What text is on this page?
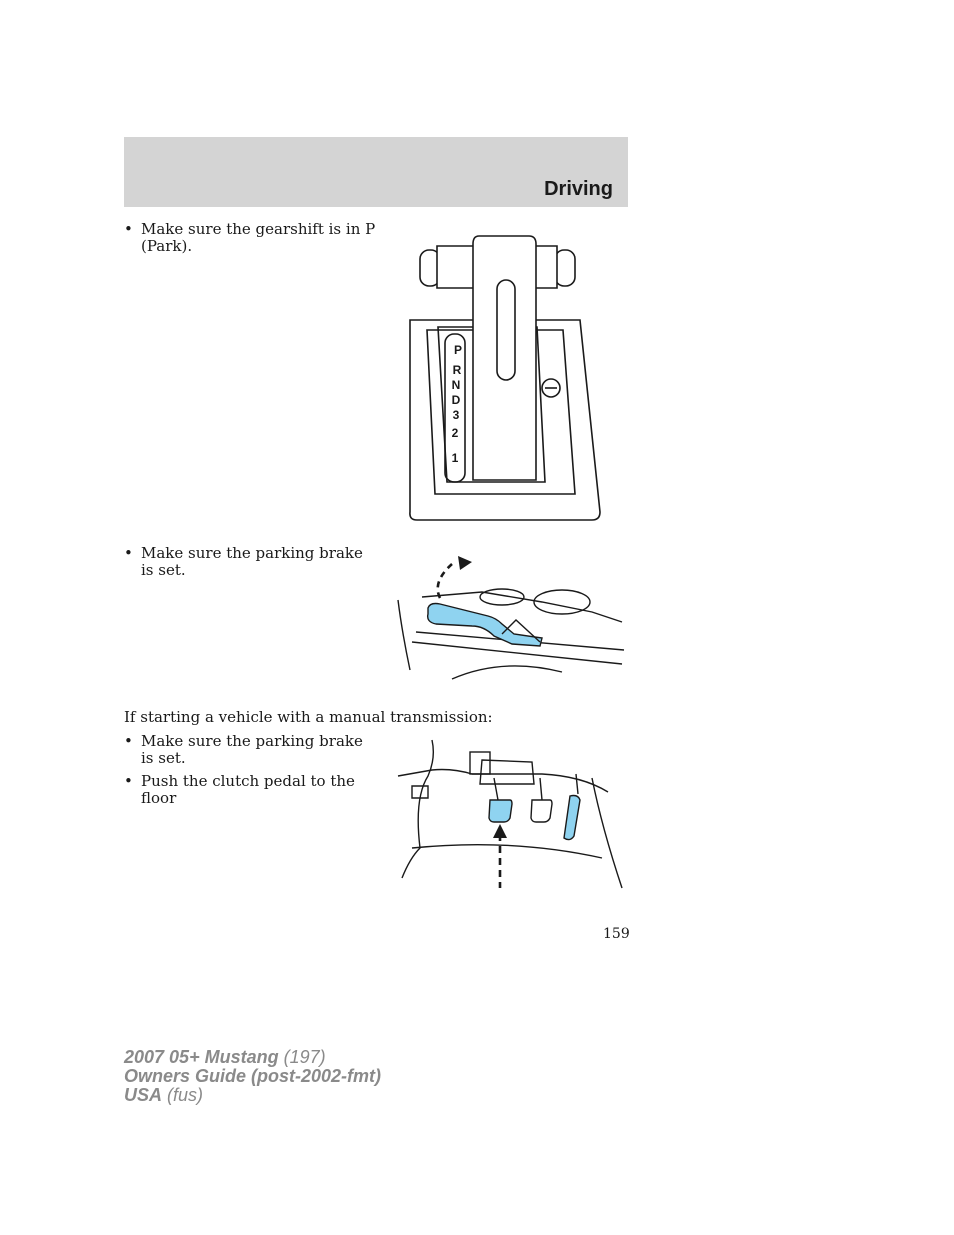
Driving
• Make sure the gearshift is in P (Park).
P
R
N
D
3
2
1
• Make sure the parking brake is set.
If starting a vehicle with a manual transmission:
• Make sure the parking brake is set.
• Push the clutch pedal to the floor
159
2007 05+ Mustang (197)
Owners Guide (post-2002-fmt)
USA (fus)
